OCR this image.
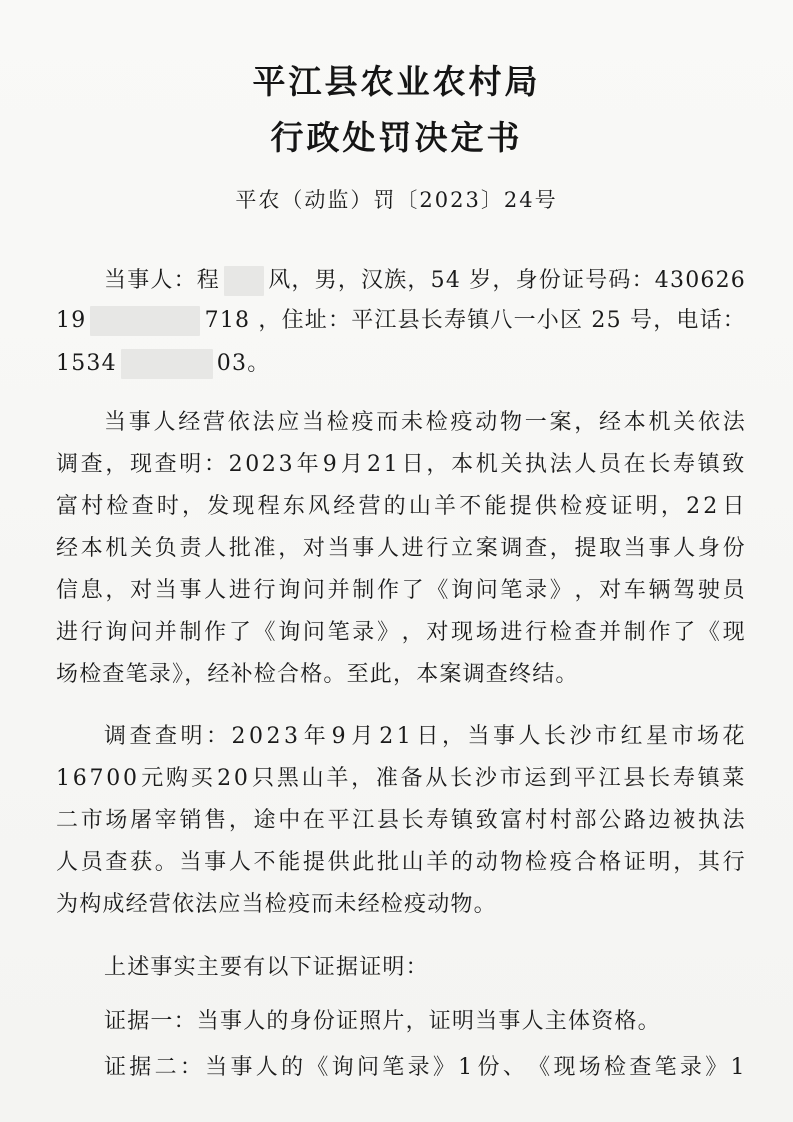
平江县农业农村局
行政处罚决定书
平农（动监）罚〔2023〕24号
当事人：程	风，男，汉族，54 岁，身份证号码：430626
19	718 ，住址：平江县长寿镇八一小区 25 号，电话：
1534	03。
当 事 人 经 营 依 法 应 当 检 疫 而 未 检 疫 动 物 一 案 ， 经 本 机 关 依 法
调 查 ， 现 查 明 ： 2 0 2 3 年 9 月 2 1 日 ， 本 机 关 执 法 人 员 在 长 寿 镇 致
富 村 检 查 时 ， 发 现 程 东 风 经 营 的 山 羊 不 能 提 供 检 疫 证 明 ， 2 2 日
经 本 机 关 负 责 人 批 准 ， 对 当 事 人 进 行 立 案 调 查 ， 提 取 当 事 人 身 份
信 息 ， 对 当 事 人 进 行 询 问 并 制 作 了 《 询 问 笔 录 》 ， 对 车 辆 驾 驶 员
进 行 询 问 并 制 作 了 《 询 问 笔 录 》 ， 对 现 场 进 行 检 查 并 制 作 了 《 现
场检查笔录》，经补检合格。至此，本案调查终结。
调 查 查 明 ： 2 0 2 3 年 9 月 2 1 日 ， 当 事 人 长 沙 市 红 星 市 场 花
1 6 7 0 0 元 购 买 2 0 只 黑 山 羊 ， 准 备 从 长 沙 市 运 到 平 江 县 长 寿 镇 菜
二 市 场 屠 宰 销 售 ， 途 中 在 平 江 县 长 寿 镇 致 富 村 村 部 公 路 边 被 执 法
人 员 查 获 。 当 事 人 不 能 提 供 此 批 山 羊 的 动 物 检 疫 合 格 证 明 ， 其 行
为构成经营依法应当检疫而未经检疫动物。
上述事实主要有以下证据证明：
证据一：当事人的身份证照片，证明当事人主体资格。
证 据 二 ： 当 事 人 的 《 询 问 笔 录 》 1 份 、 《 现 场 检 查 笔 录 》 1
